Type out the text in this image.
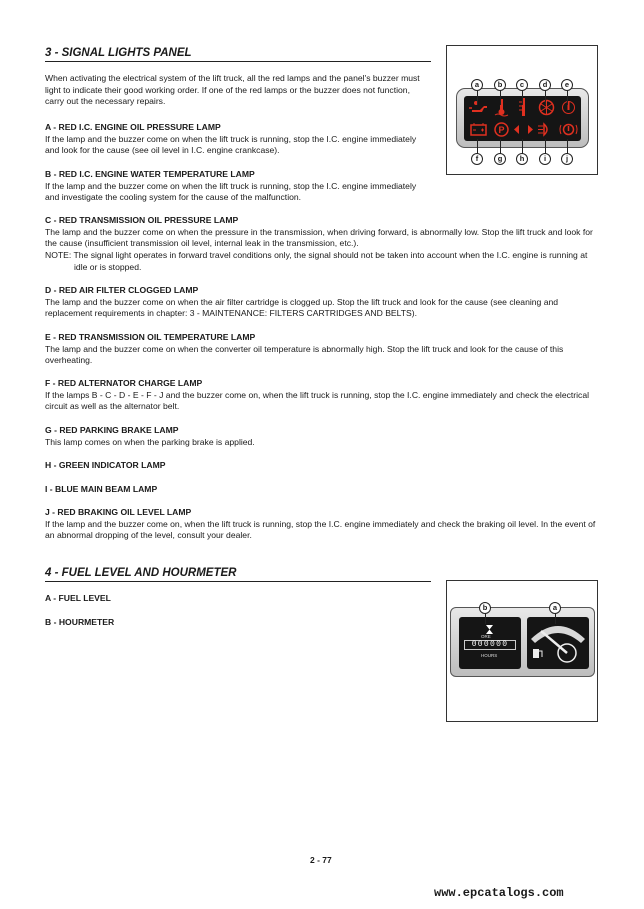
3 - SIGNAL LIGHTS PANEL
When activating the electrical system of the lift truck, all the red lamps and the panel's buzzer must light to indicate their good working order. If one of the red lamps or the buzzer does not function, carry out the necessary repairs.
A - RED I.C. ENGINE OIL PRESSURE LAMP
If the lamp and the buzzer come on when the lift truck is running, stop the I.C. engine immediately and look for the cause (see oil level in I.C. engine crankcase).
B - RED I.C. ENGINE WATER TEMPERATURE LAMP
If the lamp and the buzzer come on when the lift truck is running, stop the I.C. engine immediately and investigate the cooling system for the cause of the malfunction.
C - RED TRANSMISSION OIL PRESSURE LAMP
The lamp and the buzzer come on when the pressure in the transmission, when driving forward, is abnormally low. Stop the lift truck and look for the cause (insufficient transmission oil level, internal leak in the transmission, etc.).
NOTE: The signal light operates in forward travel conditions only, the signal should not be taken into account when the I.C. engine is running at idle or is stopped.
D - RED AIR FILTER CLOGGED LAMP
The lamp and the buzzer come on when the air filter cartridge is clogged up. Stop the lift truck and look for the cause (see cleaning and replacement requirements in chapter: 3 - MAINTENANCE: FILTERS CARTRIDGES AND BELTS).
E - RED TRANSMISSION OIL TEMPERATURE LAMP
The lamp and the buzzer come on when the converter oil temperature is abnormally high. Stop the lift truck and look for the cause of this overheating.
F - RED ALTERNATOR CHARGE LAMP
If the lamps B - C - D - E - F - J and the buzzer come on, when the lift truck is running, stop the I.C. engine immediately and check the electrical circuit as well as the alternator belt.
G - RED PARKING BRAKE LAMP
This lamp comes on when the parking brake is applied.
H - GREEN INDICATOR LAMP
I - BLUE MAIN BEAM LAMP
J - RED BRAKING OIL LEVEL LAMP
If the lamp and the buzzer come on, when the lift truck is running, stop the I.C. engine immediately and check the braking oil level. In the event of an abnormal dropping of the level, consult your dealer.
P
a	b	c	d	e
f	g	h	i	j
4 - FUEL LEVEL AND HOURMETER
A - FUEL LEVEL
B - HOURMETER
ORE
000000
HOURS
b	a
2 - 77
www.epcatalogs.com
